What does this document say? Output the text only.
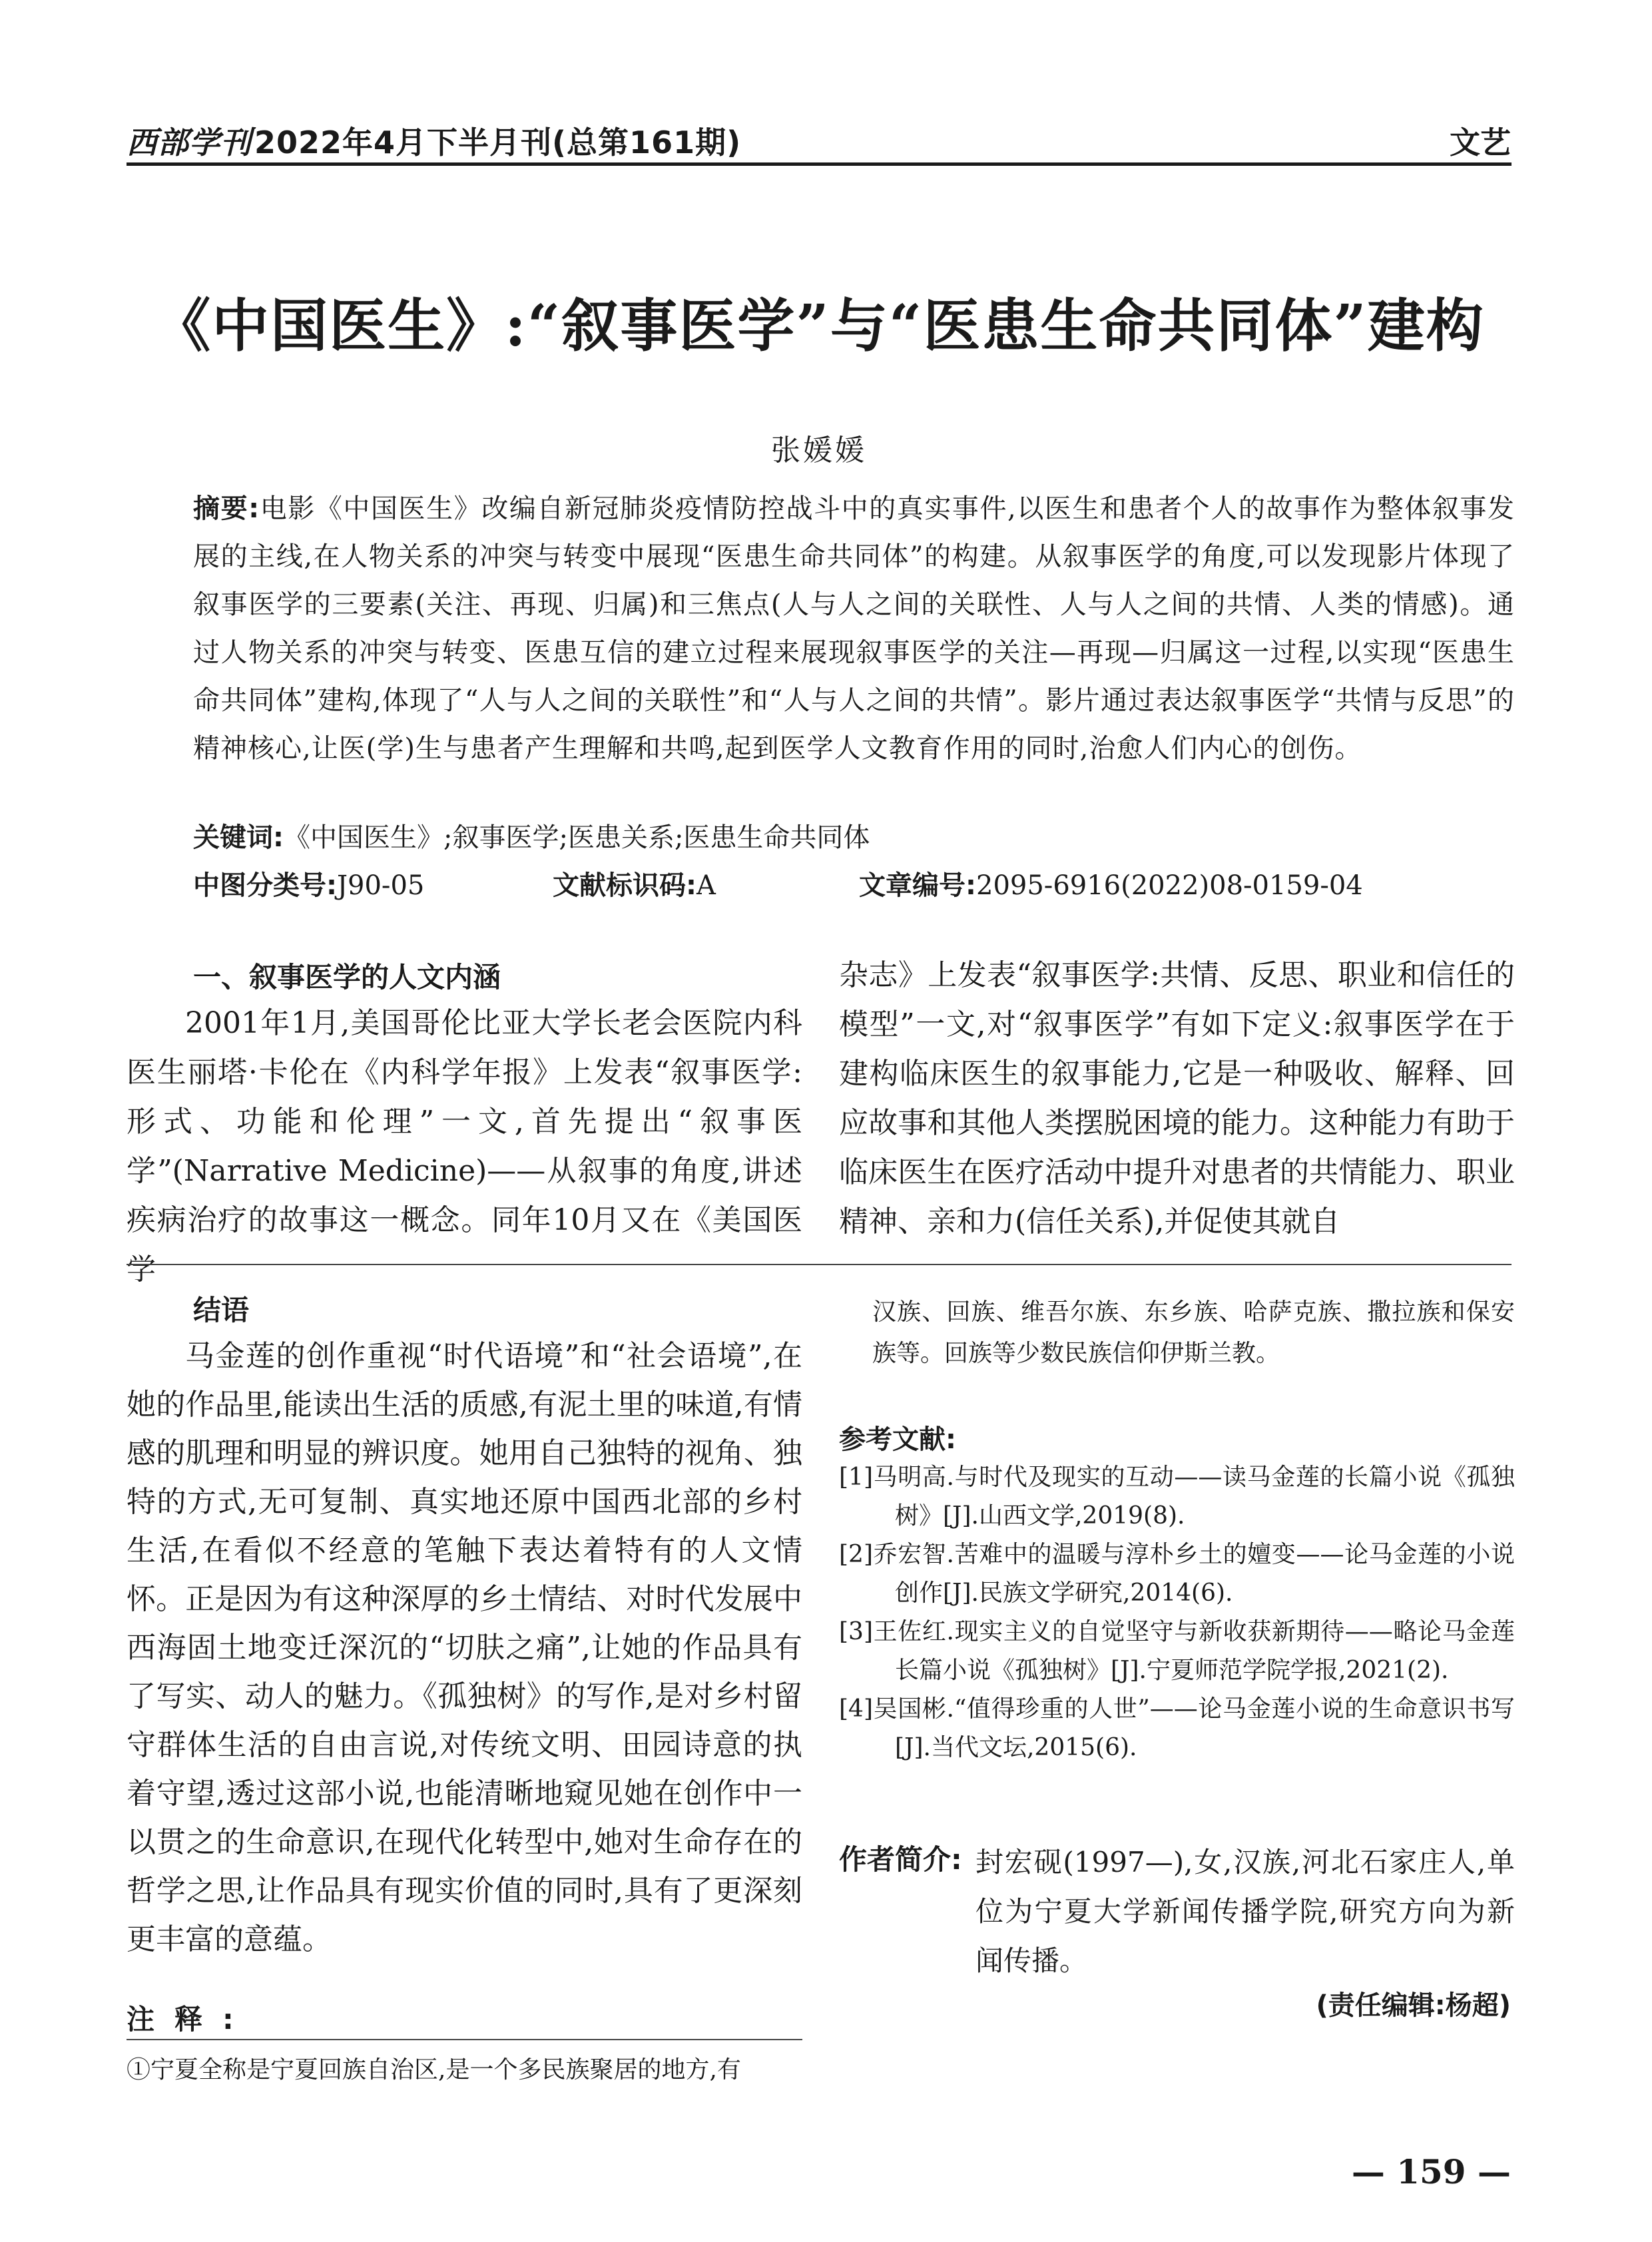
西部学刊2022年4月下半月刊(总第161期)	文艺
《中国医生》:“叙事医学”与“医患生命共同体”建构
张媛媛
摘要:电影《中国医生》改编自新冠肺炎疫情防控战斗中的真实事件,以医生和患者个人的故事作为整体叙事发展的主线,在人物关系的冲突与转变中展现“医患生命共同体”的构建。从叙事医学的角度,可以发现影片体现了叙事医学的三要素(关注、再现、归属)和三焦点(人与人之间的关联性、人与人之间的共情、人类的情感)。通过人物关系的冲突与转变、医患互信的建立过程来展现叙事医学的关注—再现—归属这一过程,以实现“医患生命共同体”建构,体现了“人与人之间的关联性”和“人与人之间的共情”。影片通过表达叙事医学“共情与反思”的精神核心,让医(学)生与患者产生理解和共鸣,起到医学人文教育作用的同时,治愈人们内心的创伤。
关键词:《中国医生》;叙事医学;医患关系;医患生命共同体
中图分类号:J90-05	文献标识码:A	文章编号:2095-6916(2022)08-0159-04
一、叙事医学的人文内涵
2001年1月,美国哥伦比亚大学长老会医院内科医生丽塔·卡伦在《内科学年报》上发表“叙事医学:形式、功能和伦理”一文,首先提出“叙事医学”(Narrative Medicine)——从叙事的角度,讲述疾病治疗的故事这一概念。同年10月又在《美国医学
杂志》上发表“叙事医学:共情、反思、职业和信任的模型”一文,对“叙事医学”有如下定义:叙事医学在于建构临床医生的叙事能力,它是一种吸收、解释、回应故事和其他人类摆脱困境的能力。这种能力有助于临床医生在医疗活动中提升对患者的共情能力、职业精神、亲和力(信任关系),并促使其就自
结语
马金莲的创作重视“时代语境”和“社会语境”,在她的作品里,能读出生活的质感,有泥土里的味道,有情感的肌理和明显的辨识度。她用自己独特的视角、独特的方式,无可复制、真实地还原中国西北部的乡村生活,在看似不经意的笔触下表达着特有的人文情怀。正是因为有这种深厚的乡土情结、对时代发展中西海固土地变迁深沉的“切肤之痛”,让她的作品具有了写实、动人的魅力。《孤独树》的写作,是对乡村留守群体生活的自由言说,对传统文明、田园诗意的执着守望,透过这部小说,也能清晰地窥见她在创作中一以贯之的生命意识,在现代化转型中,她对生命存在的哲学之思,让作品具有现实价值的同时,具有了更深刻更丰富的意蕴。
汉族、回族、维吾尔族、东乡族、哈萨克族、撒拉族和保安族等。回族等少数民族信仰伊斯兰教。
参考文献:
[1]马明高.与时代及现实的互动——读马金莲的长篇小说《孤独树》[J].山西文学,2019(8).
[2]乔宏智.苦难中的温暖与淳朴乡土的嬗变——论马金莲的小说创作[J].民族文学研究,2014(6).
[3]王佐红.现实主义的自觉坚守与新收获新期待——略论马金莲长篇小说《孤独树》[J].宁夏师范学院学报,2021(2).
[4]吴国彬.“值得珍重的人世”——论马金莲小说的生命意识书写[J].当代文坛,2015(6).
作者简介: 封宏砚(1997—),女,汉族,河北石家庄人,单位为宁夏大学新闻传播学院,研究方向为新闻传播。
(责任编辑:杨超)
注释:
①宁夏全称是宁夏回族自治区,是一个多民族聚居的地方,有
— 159 —
